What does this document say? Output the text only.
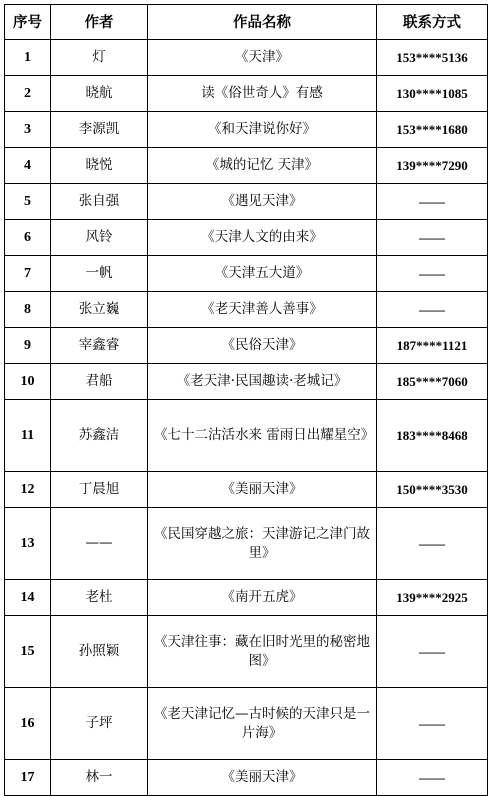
序号	作者	作品名称	联系方式
1	灯	《天津》	153****5136
2	晓航	读《俗世奇人》有感	130****1085
3	李源凯	《和天津说你好》	153****1680
4	晓悦	《城的记忆 天津》	139****7290
5	张自强	《遇见天津》	——
6	风铃	《天津人文的由来》	——
7	一帆	《天津五大道》	——
8	张立巍	《老天津善人善事》	——
9	宰鑫睿	《民俗天津》	187****1121
10	君船	《老天津·民国趣读·老城记》	185****7060
11	苏鑫洁	《七十二沽活水来 雷雨日出耀星空》	183****8468
12	丁晨旭	《美丽天津》	150****3530
13	——	《民国穿越之旅：天津游记之津门故里》	——
14	老杜	《南开五虎》	139****2925
15	孙照颖	《天津往事：藏在旧时光里的秘密地图》	——
16	子坪	《老天津记忆—古时候的天津只是一片海》	——
17	林一	《美丽天津》	——
